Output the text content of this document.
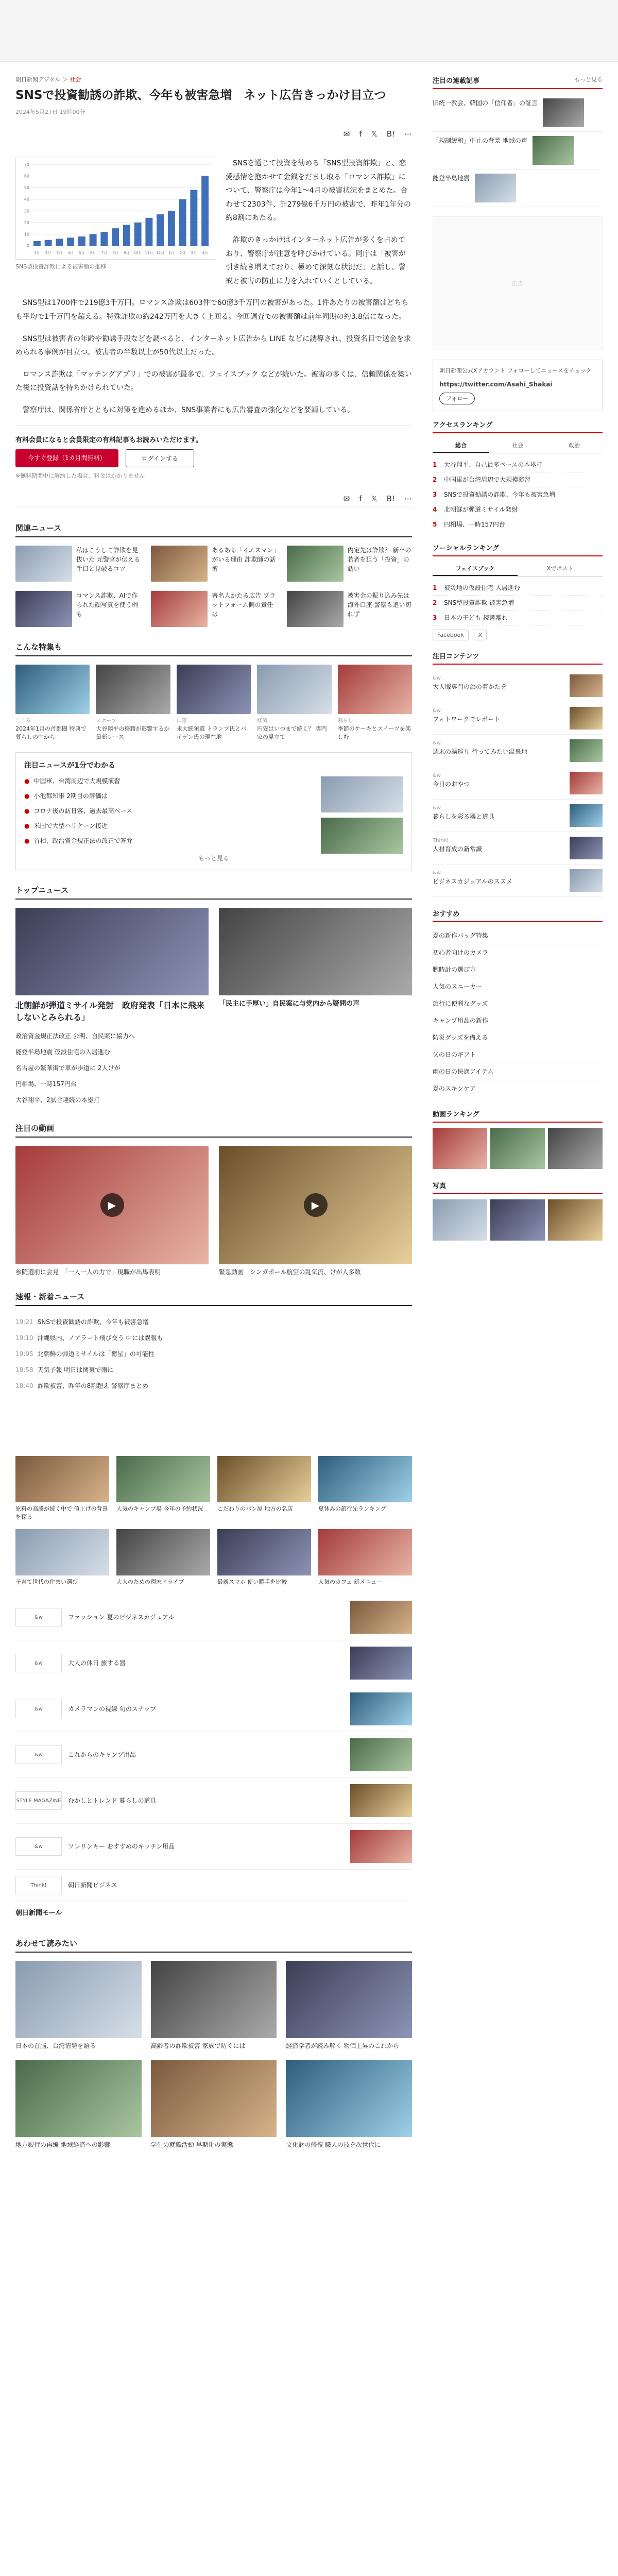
朝日新聞デジタル ＞ 社会
SNSで投資勧誘の詐欺、今年も被害急増　ネット広告きっかけ目立つ
2024年5月27日 19時00分
✉ f 𝕏 B! ⋯
0
10
20
30
40
50
60
70
1月 2月 3月 4月 5月 6月 7月 8月 9月 10月 11月 12月 1月 2月 3月 4月
SNS型投資詐欺による被害額の推移

SNSを通じて投資を勧める「SNS型投資詐欺」と、恋愛感情を抱かせて金銭をだまし取る「ロマンス詐欺」について、警察庁は今年1〜4月の被害状況をまとめた。合わせて2303件、計279億6千万円の被害で、昨年1年分の約8割にあたる。

詐欺のきっかけはインターネット広告が多くを占めており、警察庁が注意を呼びかけている。同庁は「被害が引き続き増えており、極めて深刻な状況だ」と話し、警戒と被害の防止に力を入れていくとしている。

SNS型は1700件で219億3千万円。ロマンス詐欺は603件で60億3千万円の被害があった。1件あたりの被害額はどちらも平均で1千万円を超える。特殊詐欺の約242万円を大きく上回る。今回調査での被害額は前年同期の約3.8倍になった。

SNS型は被害者の年齢や勧誘手段などを調べると、インターネット広告から LINE などに誘導され、投資名目で送金を求められる事例が目立つ。被害者の半数以上が50代以上だった。

ロマンス詐欺は「マッチングアプリ」での被害が最多で、フェイスブック などが続いた。被害の多くは、信頼関係を築いた後に投資話を持ちかけられていた。

警察庁は、関係省庁とともに対策を進めるほか、SNS事業者にも広告審査の強化などを要請している。

有料会員になると会員限定の有料記事もお読みいただけます。
今すぐ登録（1カ月間無料）	ログインする
※無料期間中に解約した場合、料金はかかりません
✉ f 𝕏 B! ⋯
関連ニュース
私はこうして詐欺を見抜いた 元警官が伝える手口と見破るコツ
あるある「イエスマン」がいる理由 詐欺師の話術
内定先は詐欺？ 新卒の若者を狙う「投資」の誘い
ロマンス詐欺、AIで作られた顔写真を使う例も
著名人かたる広告 プラットフォーム側の責任は
被害金の振り込み先は海外口座 警察も追い切れず
こんな特集も
こころ
2024年1月の首都圏 特典で暮らしの中から
スポーツ
大谷翔平の移籍が影響するか 最新レース
国際
米大統領選 トランプ氏とバイデン氏の現在地
経済
円安はいつまで続く？ 専門家の見立て
暮らし
季節のケーキとスイーツを楽しむ
注目ニュースが1分でわかる
● 中国軍、台湾周辺で大規模演習
● 小池都知事 2期目の評価は
● コロナ後の訪日客、過去最高ペース
● 米国で大型ハリケーン接近
● 首相、政治資金規正法の改正で答弁
もっと見る
トップニュース
北朝鮮が弾道ミサイル発射　政府発表「日本に飛来しないとみられる」
「民主に手厚い」自民案に与党内から疑問の声
政治資金規正法改正 公明、自民案に協力へ
能登半島地震 仮設住宅の入居進む
名古屋の繁華街で車が歩道に 2人けが
円相場、一時157円台
大谷翔平、2試合連続の本塁打
注目の動画
▶
参院選前に会見　「一人一人の力で」現職が出馬表明
▶
緊急動画　シンガポール航空の乱気流、けが人多数
速報・新着ニュース
19:21 SNSで投資勧誘の詐欺、今年も被害急増
19:10 沖縄県内、ノアラート飛び交う 中には誤報も
19:05 北朝鮮の弾道ミサイルは「衛星」の可能性
18:58 天気予報 明日は関東で雨に
18:40 詐欺被害、昨年の8割超え 警察庁まとめ
原料の高騰が続く中で 値上げの背景を探る
人気のキャンプ場 今年の予約状況	こだわりのパン屋 地方の名店	夏休みの旅行先ランキング
子育て世代の住まい選び	大人のための週末ドライブ	最新スマホ 使い勝手を比較	人気のカフェ 新メニュー
&w	ファッション 夏のビジネスカジュアル
&w	大人の休日 旅する器
&w	カメラマンの視線 旬のスナップ
&w	これからのキャンプ用品
STYLE MAGAZINE むかしとトレンド 暮らしの道具
&w	ソレリンキー おすすめのキッチン用品
Think!	朝日新聞ビジネス
朝日新聞モール
あわせて読みたい
日本の首脳、台湾情勢を語る	高齢者の詐欺被害 家族で防ぐには	経済学者が読み解く 物価上昇のこれから
地方銀行の再編 地域経済への影響	学生の就職活動 早期化の実態	文化財の修復 職人の技を次世代に
注目の連載記事	もっと見る
旧統一教会、韓国の「信仰者」の証言
「規制緩和」中止の背景 地域の声
能登半島地震
広告
朝日新聞公式Xアカウント フォローしてニュースをチェック
https://twitter.com/Asahi_Shakai
フォロー
アクセスランキング
総合	社会	政治
1	大谷翔平、自己最多ペースの本塁打
2	中国軍が台湾周辺で大規模演習
3	SNSで投資勧誘の詐欺、今年も被害急増
4	北朝鮮が弾道ミサイル発射
5	円相場、一時157円台
ソーシャルランキング
フェイスブック	Xでポスト
1	被災地の仮設住宅 入居進む
2	SNS型投資詐欺 被害急増
3	日本の子ども 読書離れ
Facebook	X
注目コンテンツ
&w
大人服専門の旅の着かたを
&w
フォトワークでレポート
&w
週末の湯巡り 行ってみたい温泉地
&w
今日のおやつ
&w
暮らしを彩る器と道具
Think!
人材育成の新常識
&w
ビジネスカジュアルのススメ
おすすめ
夏の新作バッグ特集
初心者向けのカメラ
腕時計の選び方
人気のスニーカー
旅行に便利なグッズ
キャンプ用品の新作
防災グッズを備える
父の日のギフト
雨の日の快適アイテム
夏のスキンケア
動画ランキング
写真
